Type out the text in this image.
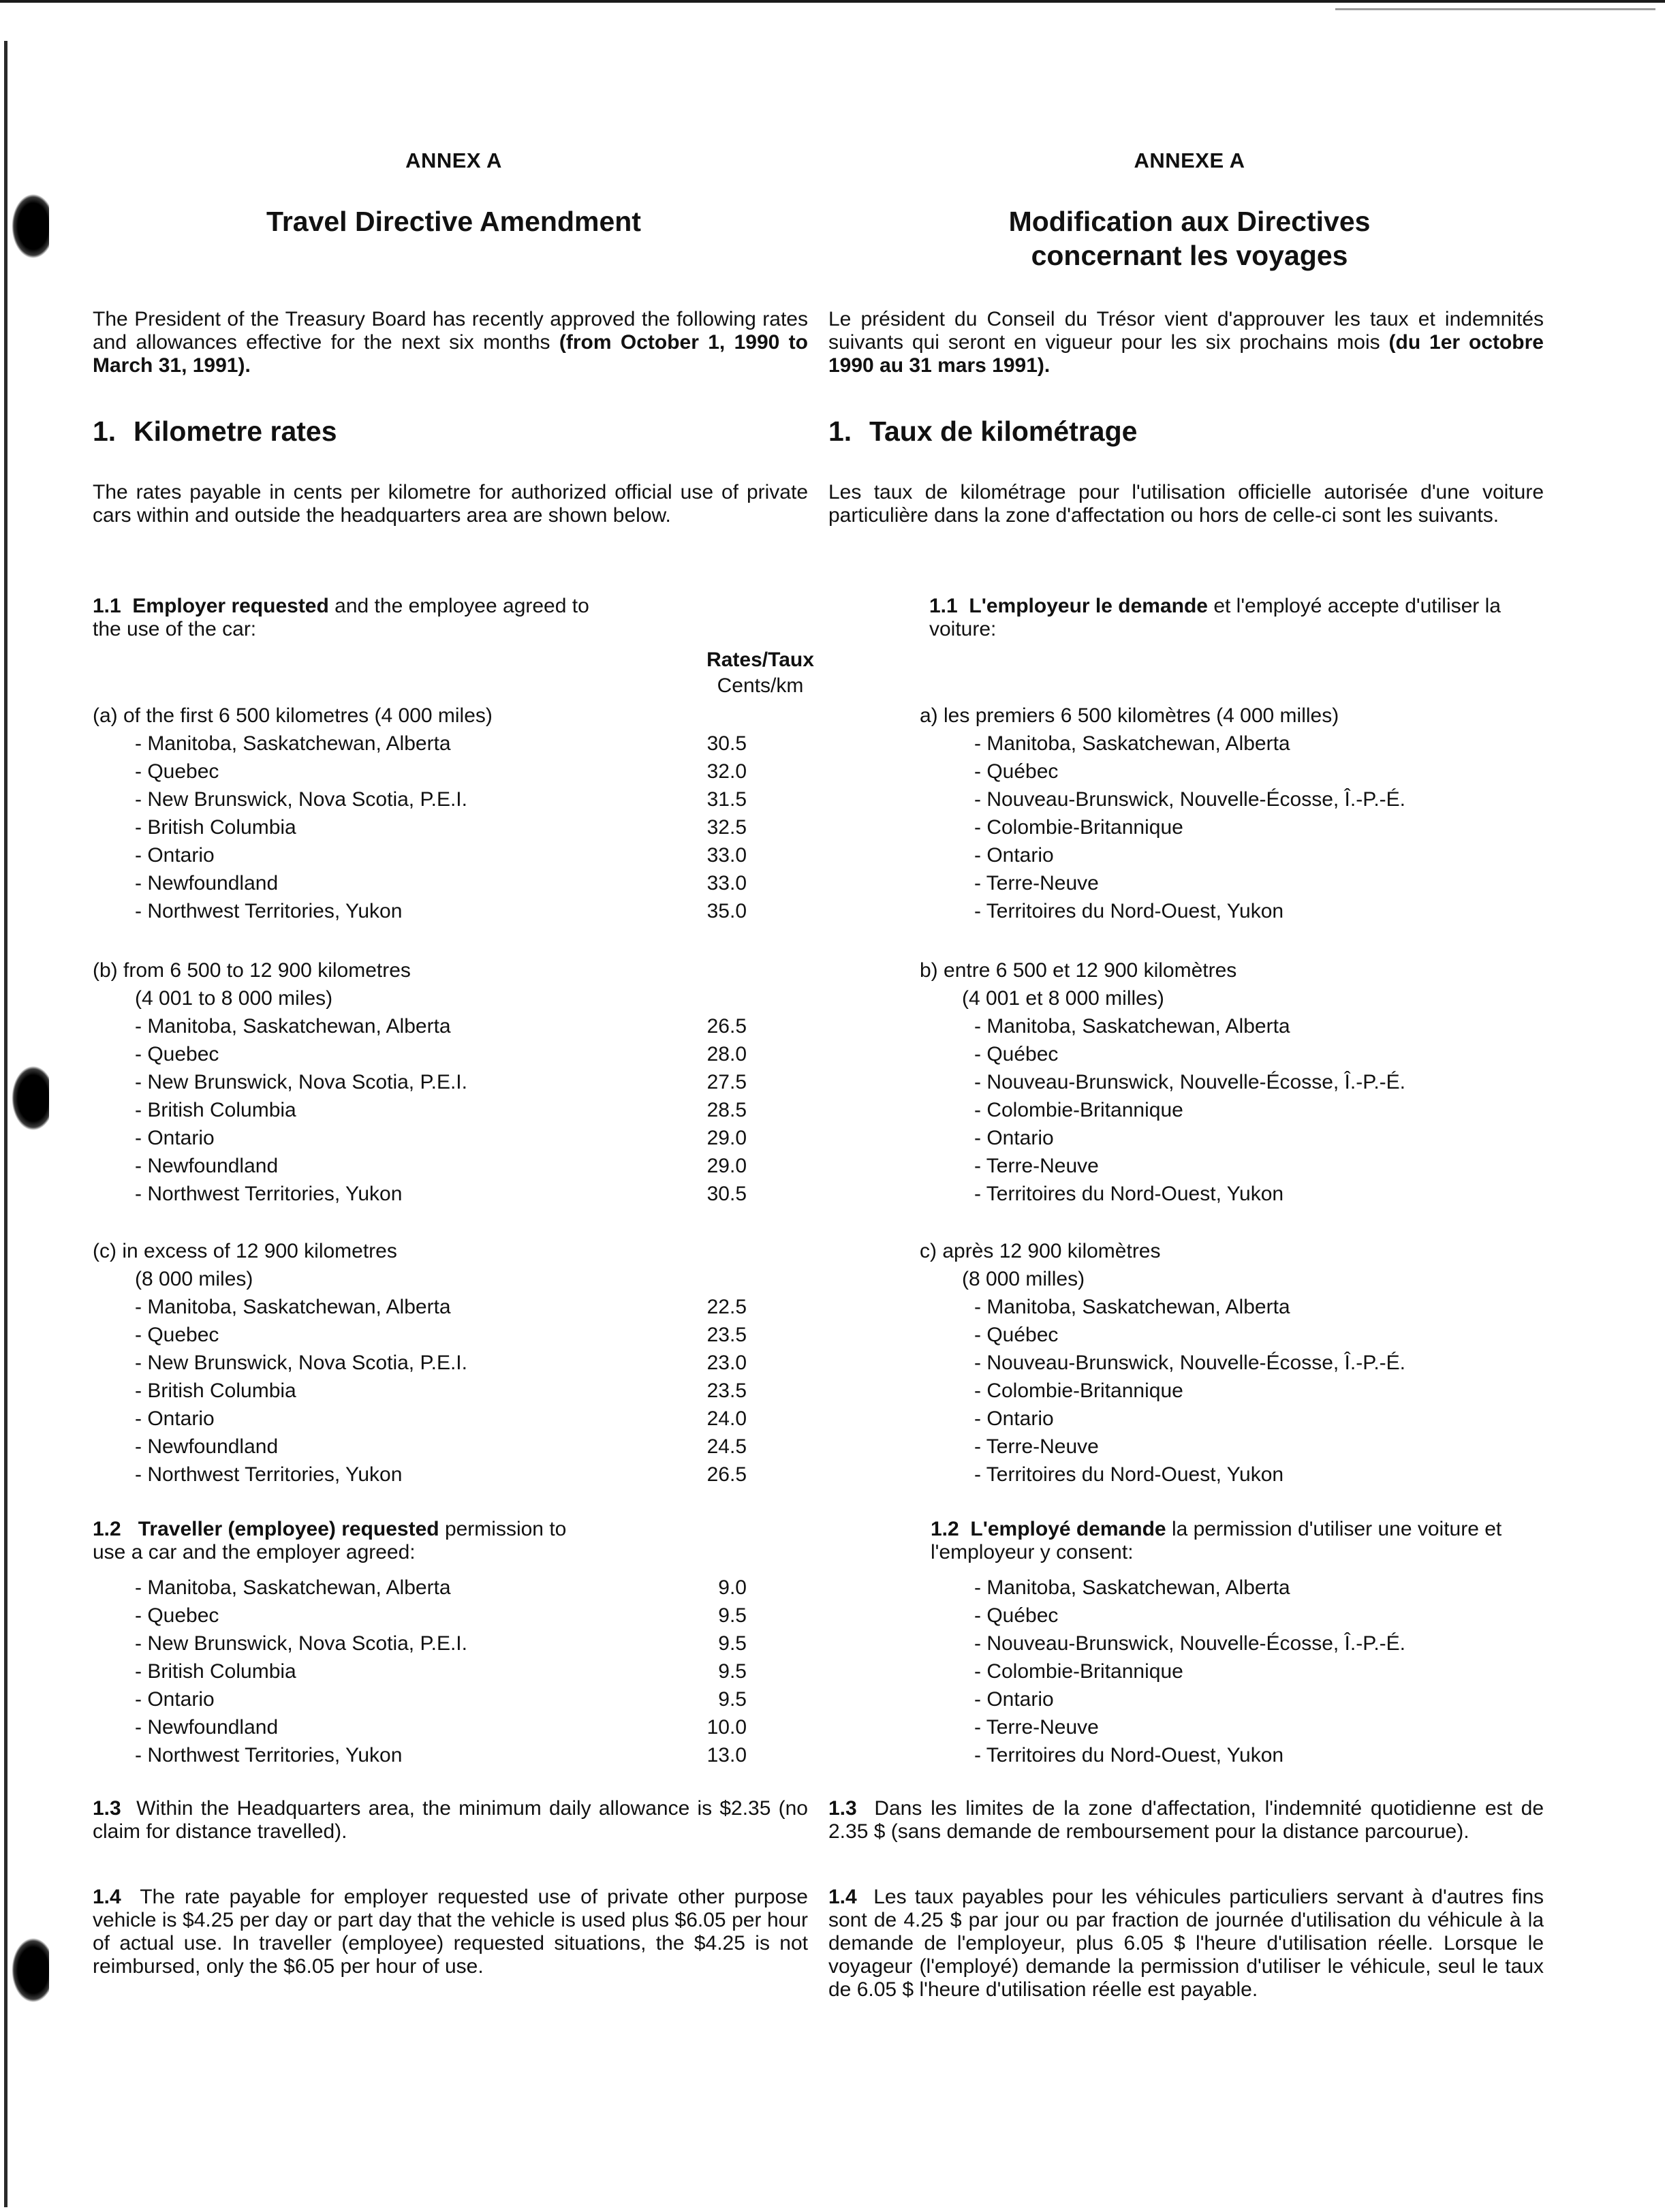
ANNEX A
Travel Directive Amendment
The President of the Treasury Board has recently approved the following rates and allowances effective for the next six months (from October 1, 1990 to March 31, 1991).
1. Kilometre rates
The rates payable in cents per kilometre for authorized official use of private cars within and outside the headquarters area are shown below.
1.1 Employer requested and the employee agreed to
the use of the car:
Rates/Taux
Cents/km
(a) of the first 6 500 kilometres (4 000 miles)
- Manitoba, Saskatchewan, Alberta	30.5
- Quebec	32.0
- New Brunswick, Nova Scotia, P.E.I.	31.5
- British Columbia	32.5
- Ontario	33.0
- Newfoundland	33.0
- Northwest Territories, Yukon	35.0
(b) from 6 500 to 12 900 kilometres
(4 001 to 8 000 miles)
- Manitoba, Saskatchewan, Alberta	26.5
- Quebec	28.0
- New Brunswick, Nova Scotia, P.E.I.	27.5
- British Columbia	28.5
- Ontario	29.0
- Newfoundland	29.0
- Northwest Territories, Yukon	30.5
(c) in excess of 12 900 kilometres
(8 000 miles)
- Manitoba, Saskatchewan, Alberta	22.5
- Quebec	23.5
- New Brunswick, Nova Scotia, P.E.I.	23.0
- British Columbia	23.5
- Ontario	24.0
- Newfoundland	24.5
- Northwest Territories, Yukon	26.5
1.2 Traveller (employee) requested permission to
use a car and the employer agreed:
- Manitoba, Saskatchewan, Alberta	9.0
- Quebec	9.5
- New Brunswick, Nova Scotia, P.E.I.	9.5
- British Columbia	9.5
- Ontario	9.5
- Newfoundland	10.0
- Northwest Territories, Yukon	13.0
1.3 Within the Headquarters area, the minimum daily allowance is $2.35 (no claim for distance travelled).
1.4 The rate payable for employer requested use of private other purpose vehicle is $4.25 per day or part day that the vehicle is used plus $6.05 per hour of actual use. In traveller (employee) requested situations, the $4.25 is not reimbursed, only the $6.05 per hour of use.
ANNEXE A
Modification aux Directives
concernant les voyages
Le président du Conseil du Trésor vient d'approuver les taux et indemnités suivants qui seront en vigueur pour les six prochains mois (du 1er octobre 1990 au 31 mars 1991).
1. Taux de kilométrage
Les taux de kilométrage pour l'utilisation officielle autorisée d'une voiture particulière dans la zone d'affectation ou hors de celle-ci sont les suivants.
1.1 L'employeur le demande et l'employé accepte d'utiliser la
voiture:
a) les premiers 6 500 kilomètres (4 000 milles)
- Manitoba, Saskatchewan, Alberta
- Québec
- Nouveau-Brunswick, Nouvelle-Écosse, Î.-P.-É.
- Colombie-Britannique
- Ontario
- Terre-Neuve
- Territoires du Nord-Ouest, Yukon
b) entre 6 500 et 12 900 kilomètres
(4 001 et 8 000 milles)
- Manitoba, Saskatchewan, Alberta
- Québec
- Nouveau-Brunswick, Nouvelle-Écosse, Î.-P.-É.
- Colombie-Britannique
- Ontario
- Terre-Neuve
- Territoires du Nord-Ouest, Yukon
c) après 12 900 kilomètres
(8 000 milles)
- Manitoba, Saskatchewan, Alberta
- Québec
- Nouveau-Brunswick, Nouvelle-Écosse, Î.-P.-É.
- Colombie-Britannique
- Ontario
- Terre-Neuve
- Territoires du Nord-Ouest, Yukon
1.2 L'employé demande la permission d'utiliser une voiture et
l'employeur y consent:
- Manitoba, Saskatchewan, Alberta
- Québec
- Nouveau-Brunswick, Nouvelle-Écosse, Î.-P.-É.
- Colombie-Britannique
- Ontario
- Terre-Neuve
- Territoires du Nord-Ouest, Yukon
1.3 Dans les limites de la zone d'affectation, l'indemnité quotidienne est de 2.35 $ (sans demande de remboursement pour la distance parcourue).
1.4 Les taux payables pour les véhicules particuliers servant à d'autres fins sont de 4.25 $ par jour ou par fraction de journée d'utilisation du véhicule à la demande de l'employeur, plus 6.05 $ l'heure d'utilisation réelle. Lorsque le voyageur (l'employé) demande la permission d'utiliser le véhicule, seul le taux de 6.05 $ l'heure d'utilisation réelle est payable.
